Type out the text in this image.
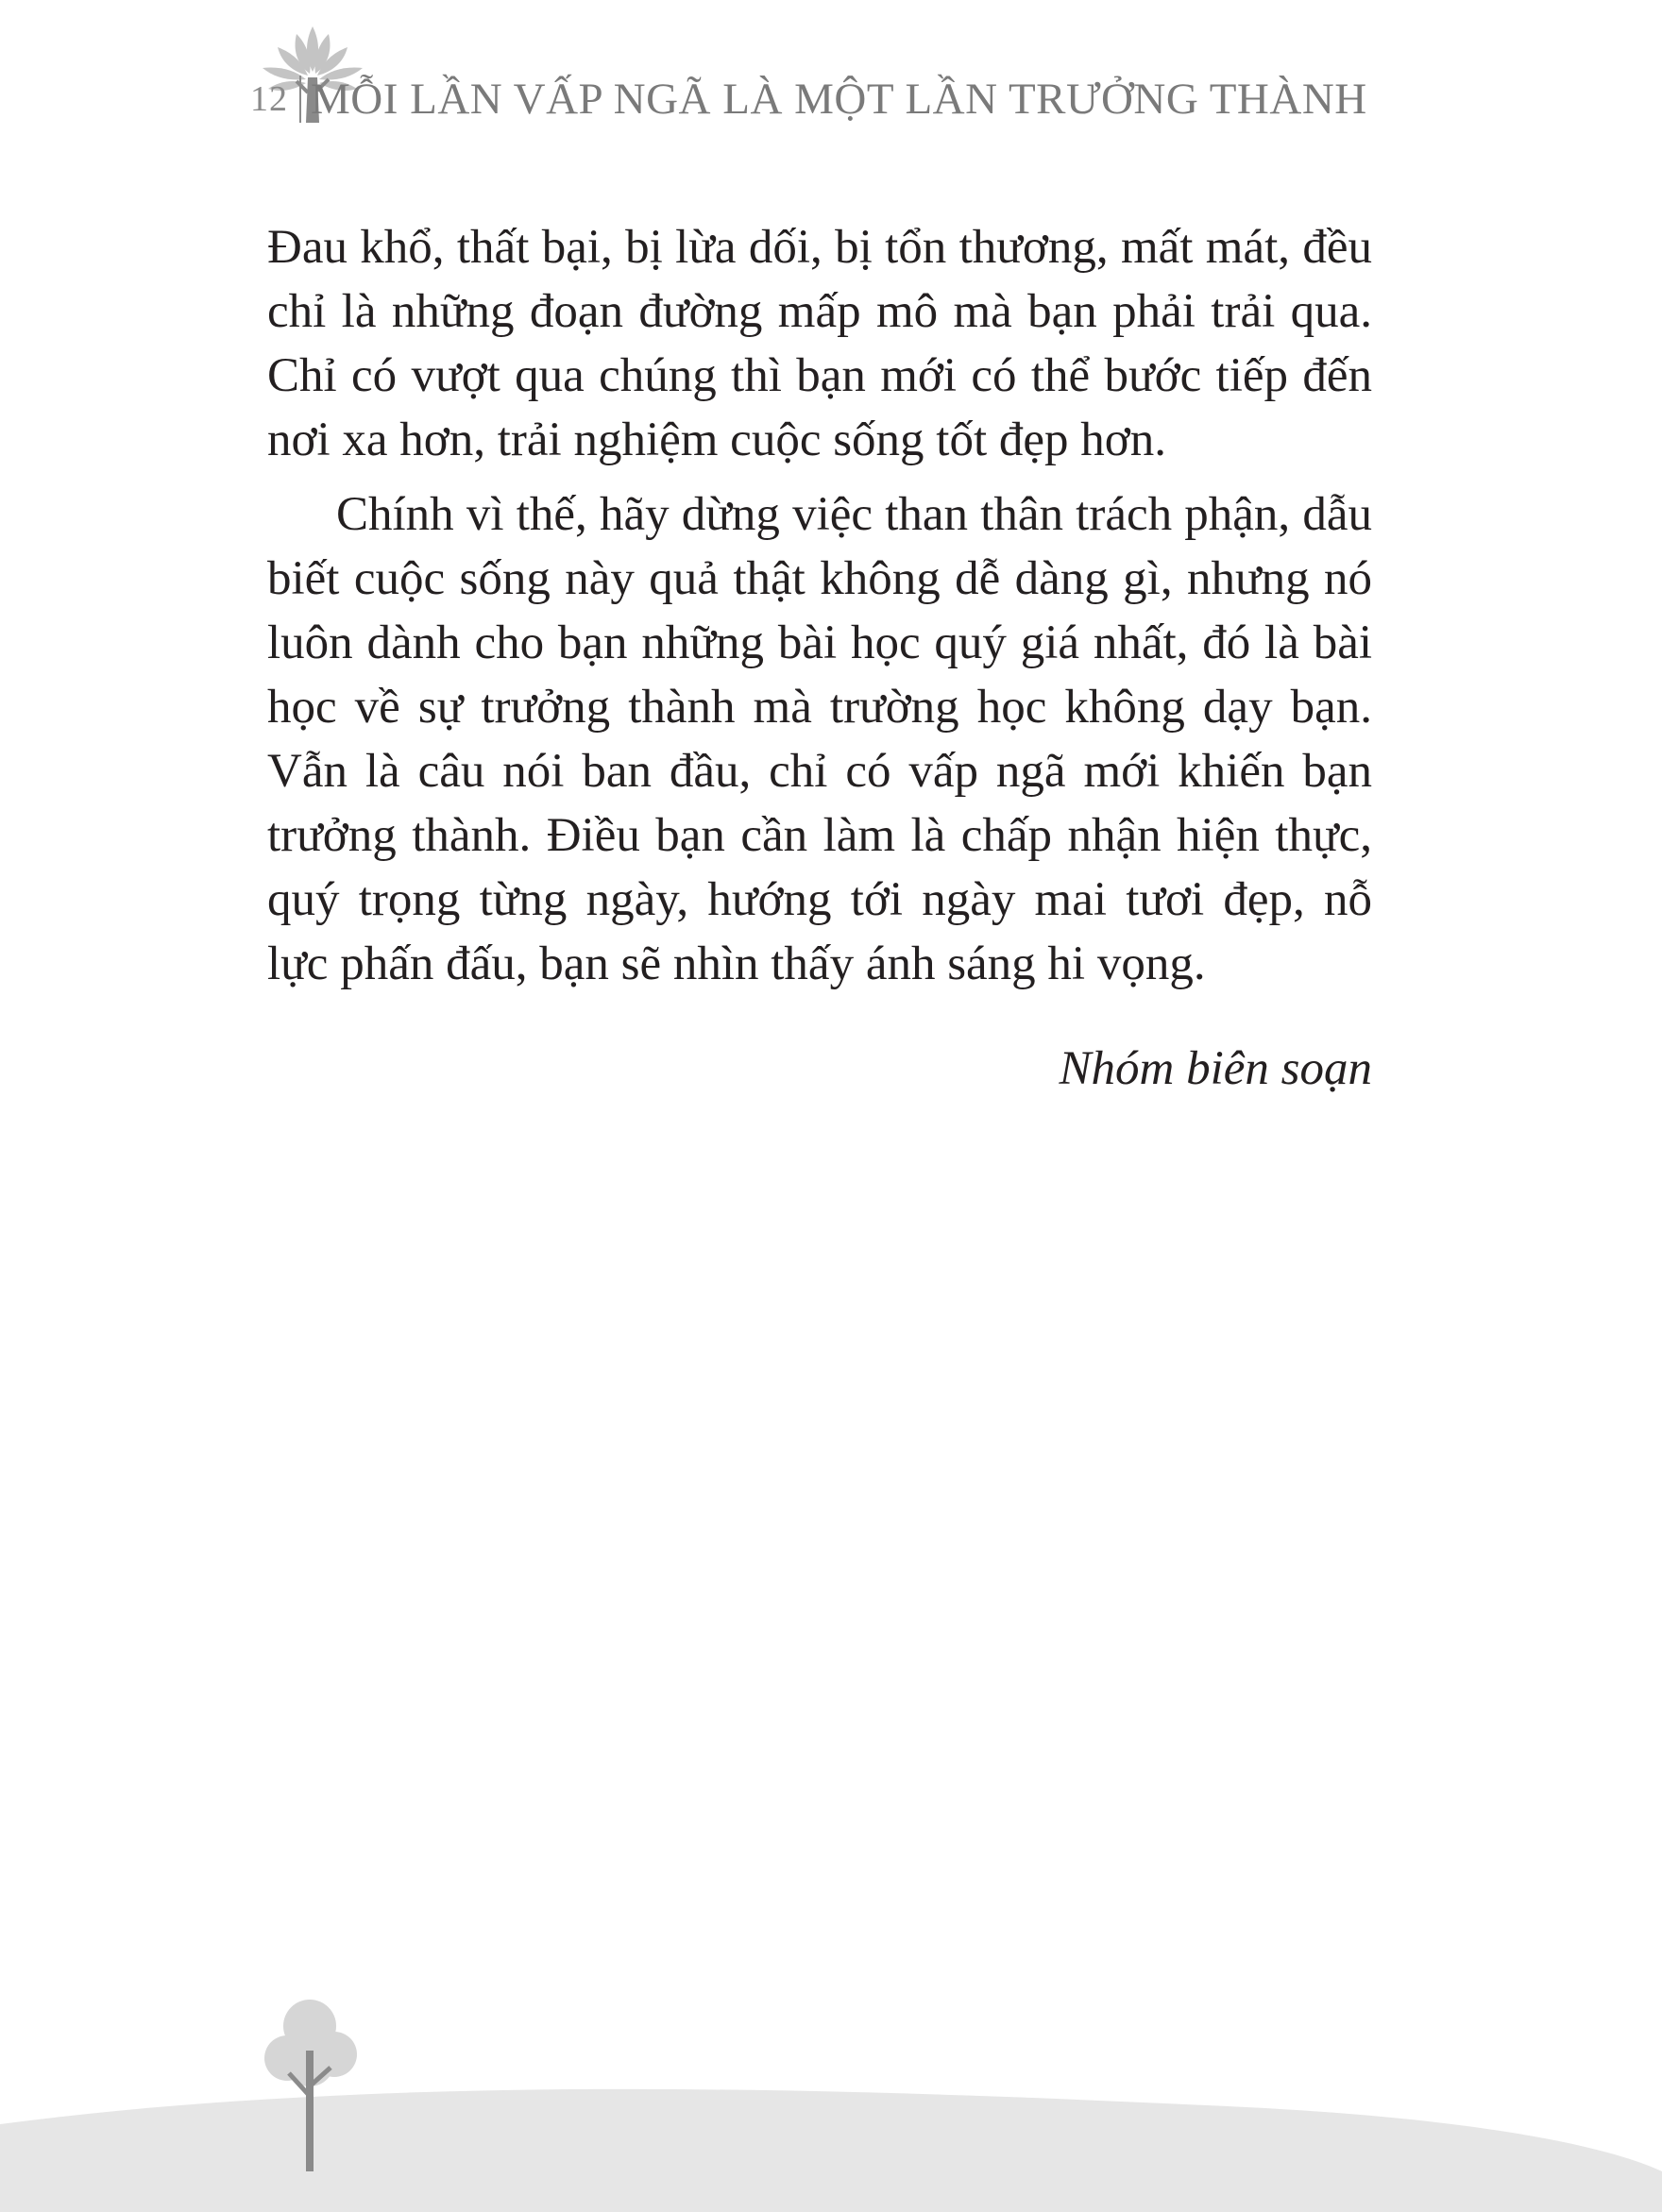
12 MỖI LẦN VẤP NGÃ LÀ MỘT LẦN TRƯỞNG THÀNH

Đau khổ, thất bại, bị lừa dối, bị tổn thương, mất mát, đều chỉ là những đoạn đường mấp mô mà bạn phải trải qua. Chỉ có vượt qua chúng thì bạn mới có thể bước tiếp đến nơi xa hơn, trải nghiệm cuộc sống tốt đẹp hơn.

Chính vì thế, hãy dừng việc than thân trách phận, dẫu biết cuộc sống này quả thật không dễ dàng gì, nhưng nó luôn dành cho bạn những bài học quý giá nhất, đó là bài học về sự trưởng thành mà trường học không dạy bạn. Vẫn là câu nói ban đầu, chỉ có vấp ngã mới khiến bạn trưởng thành. Điều bạn cần làm là chấp nhận hiện thực, quý trọng từng ngày, hướng tới ngày mai tươi đẹp, nỗ lực phấn đấu, bạn sẽ nhìn thấy ánh sáng hi vọng.

Nhóm biên soạn
